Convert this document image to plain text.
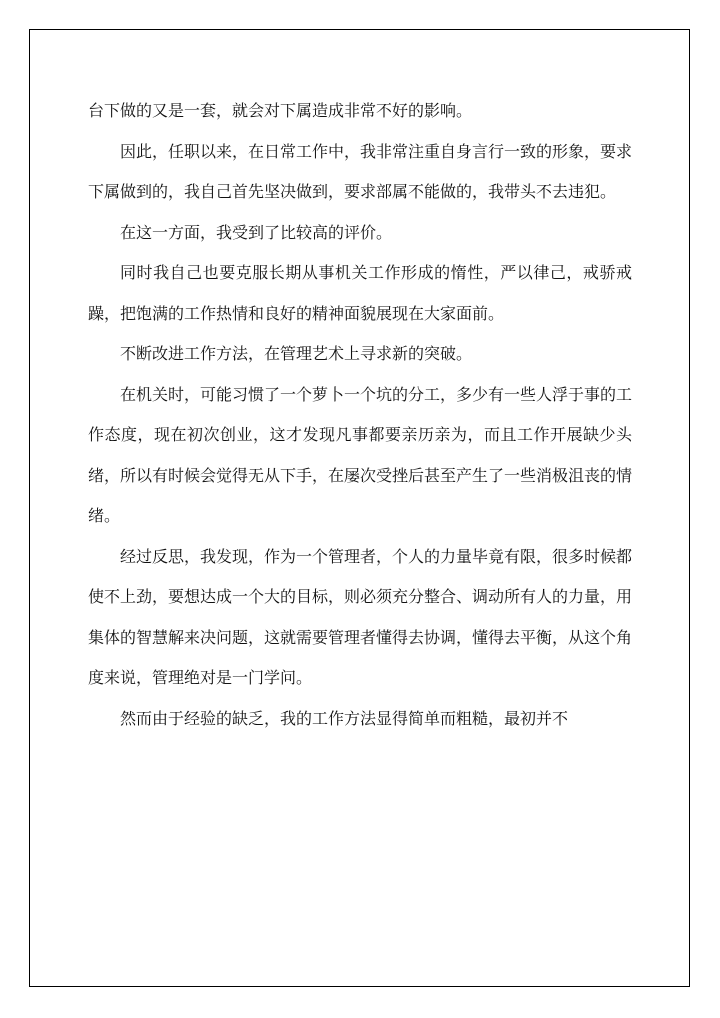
台下做的又是一套，就会对下属造成非常不好的影响。

因此，任职以来，在日常工作中，我非常注重自身言行一致的形象，要求下属做到的，我自己首先坚决做到，要求部属不能做的，我带头不去违犯。

在这一方面，我受到了比较高的评价。

同时我自己也要克服长期从事机关工作形成的惰性，严以律己，戒骄戒躁，把饱满的工作热情和良好的精神面貌展现在大家面前。

不断改进工作方法，在管理艺术上寻求新的突破。

在机关时，可能习惯了一个萝卜一个坑的分工，多少有一些人浮于事的工作态度，现在初次创业，这才发现凡事都要亲历亲为，而且工作开展缺少头绪，所以有时候会觉得无从下手，在屡次受挫后甚至产生了一些消极沮丧的情绪。

经过反思，我发现，作为一个管理者，个人的力量毕竟有限，很多时候都使不上劲，要想达成一个大的目标，则必须充分整合、调动所有人的力量，用集体的智慧解来决问题，这就需要管理者懂得去协调，懂得去平衡，从这个角度来说，管理绝对是一门学问。

然而由于经验的缺乏，我的工作方法显得简单而粗糙，最初并不
